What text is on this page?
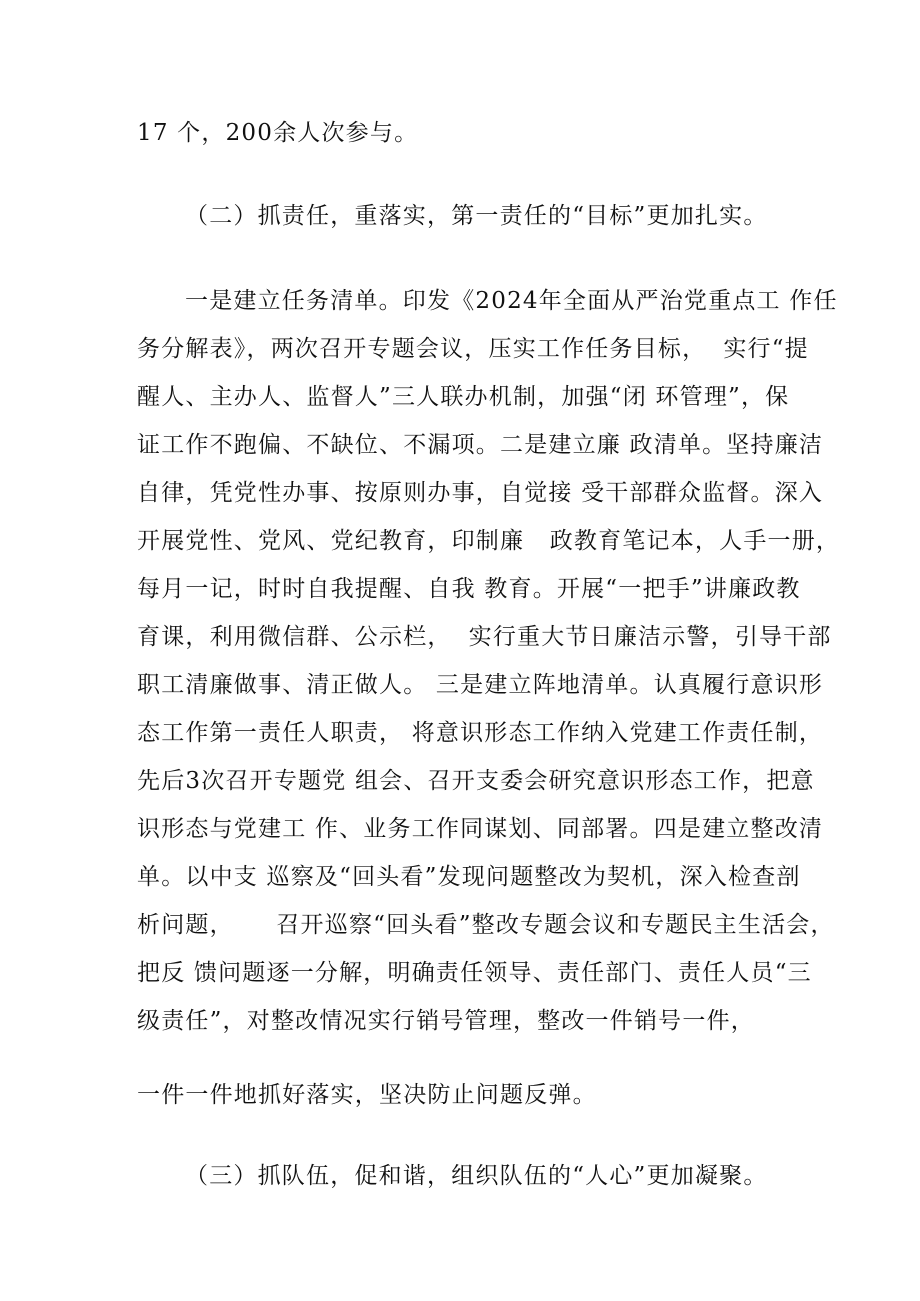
17 个，200余人次参与。

（二）抓责任，重落实，第一责任的“目标”更加扎实。

一是建立任务清单。印发《2024年全面从严治党重点工 作任

务分解表》，两次召开专题会议，压实工作任务目标，  实行“提

醒人、主办人、监督人”三人联办机制，加强“闭 环管理”，保

证工作不跑偏、不缺位、不漏项。二是建立廉 政清单。坚持廉洁

自律，凭党性办事、按原则办事，自觉接 受干部群众监督。深入

开展党性、党风、党纪教育，印制廉   政教育笔记本，人手一册，

每月一记，时时自我提醒、自我 教育。开展“一把手”讲廉政教

育课，利用微信群、公示栏，  实行重大节日廉洁示警，引导干部

职工清廉做事、清正做人。 三是建立阵地清单。认真履行意识形

态工作第一责任人职责， 将意识形态工作纳入党建工作责任制，

先后3次召开专题党 组会、召开支委会研究意识形态工作，把意

识形态与党建工 作、业务工作同谋划、同部署。四是建立整改清

单。以中支 巡察及“回头看”发现问题整改为契机，深入检查剖

析问题，     召开巡察“回头看”整改专题会议和专题民主生活会，

把反 馈问题逐一分解，明确责任领导、责任部门、责任人员“三

级责任”，对整改情况实行销号管理，整改一件销号一件，

一件一件地抓好落实，坚决防止问题反弹。

（三）抓队伍，促和谐，组织队伍的“人心”更加凝聚。
